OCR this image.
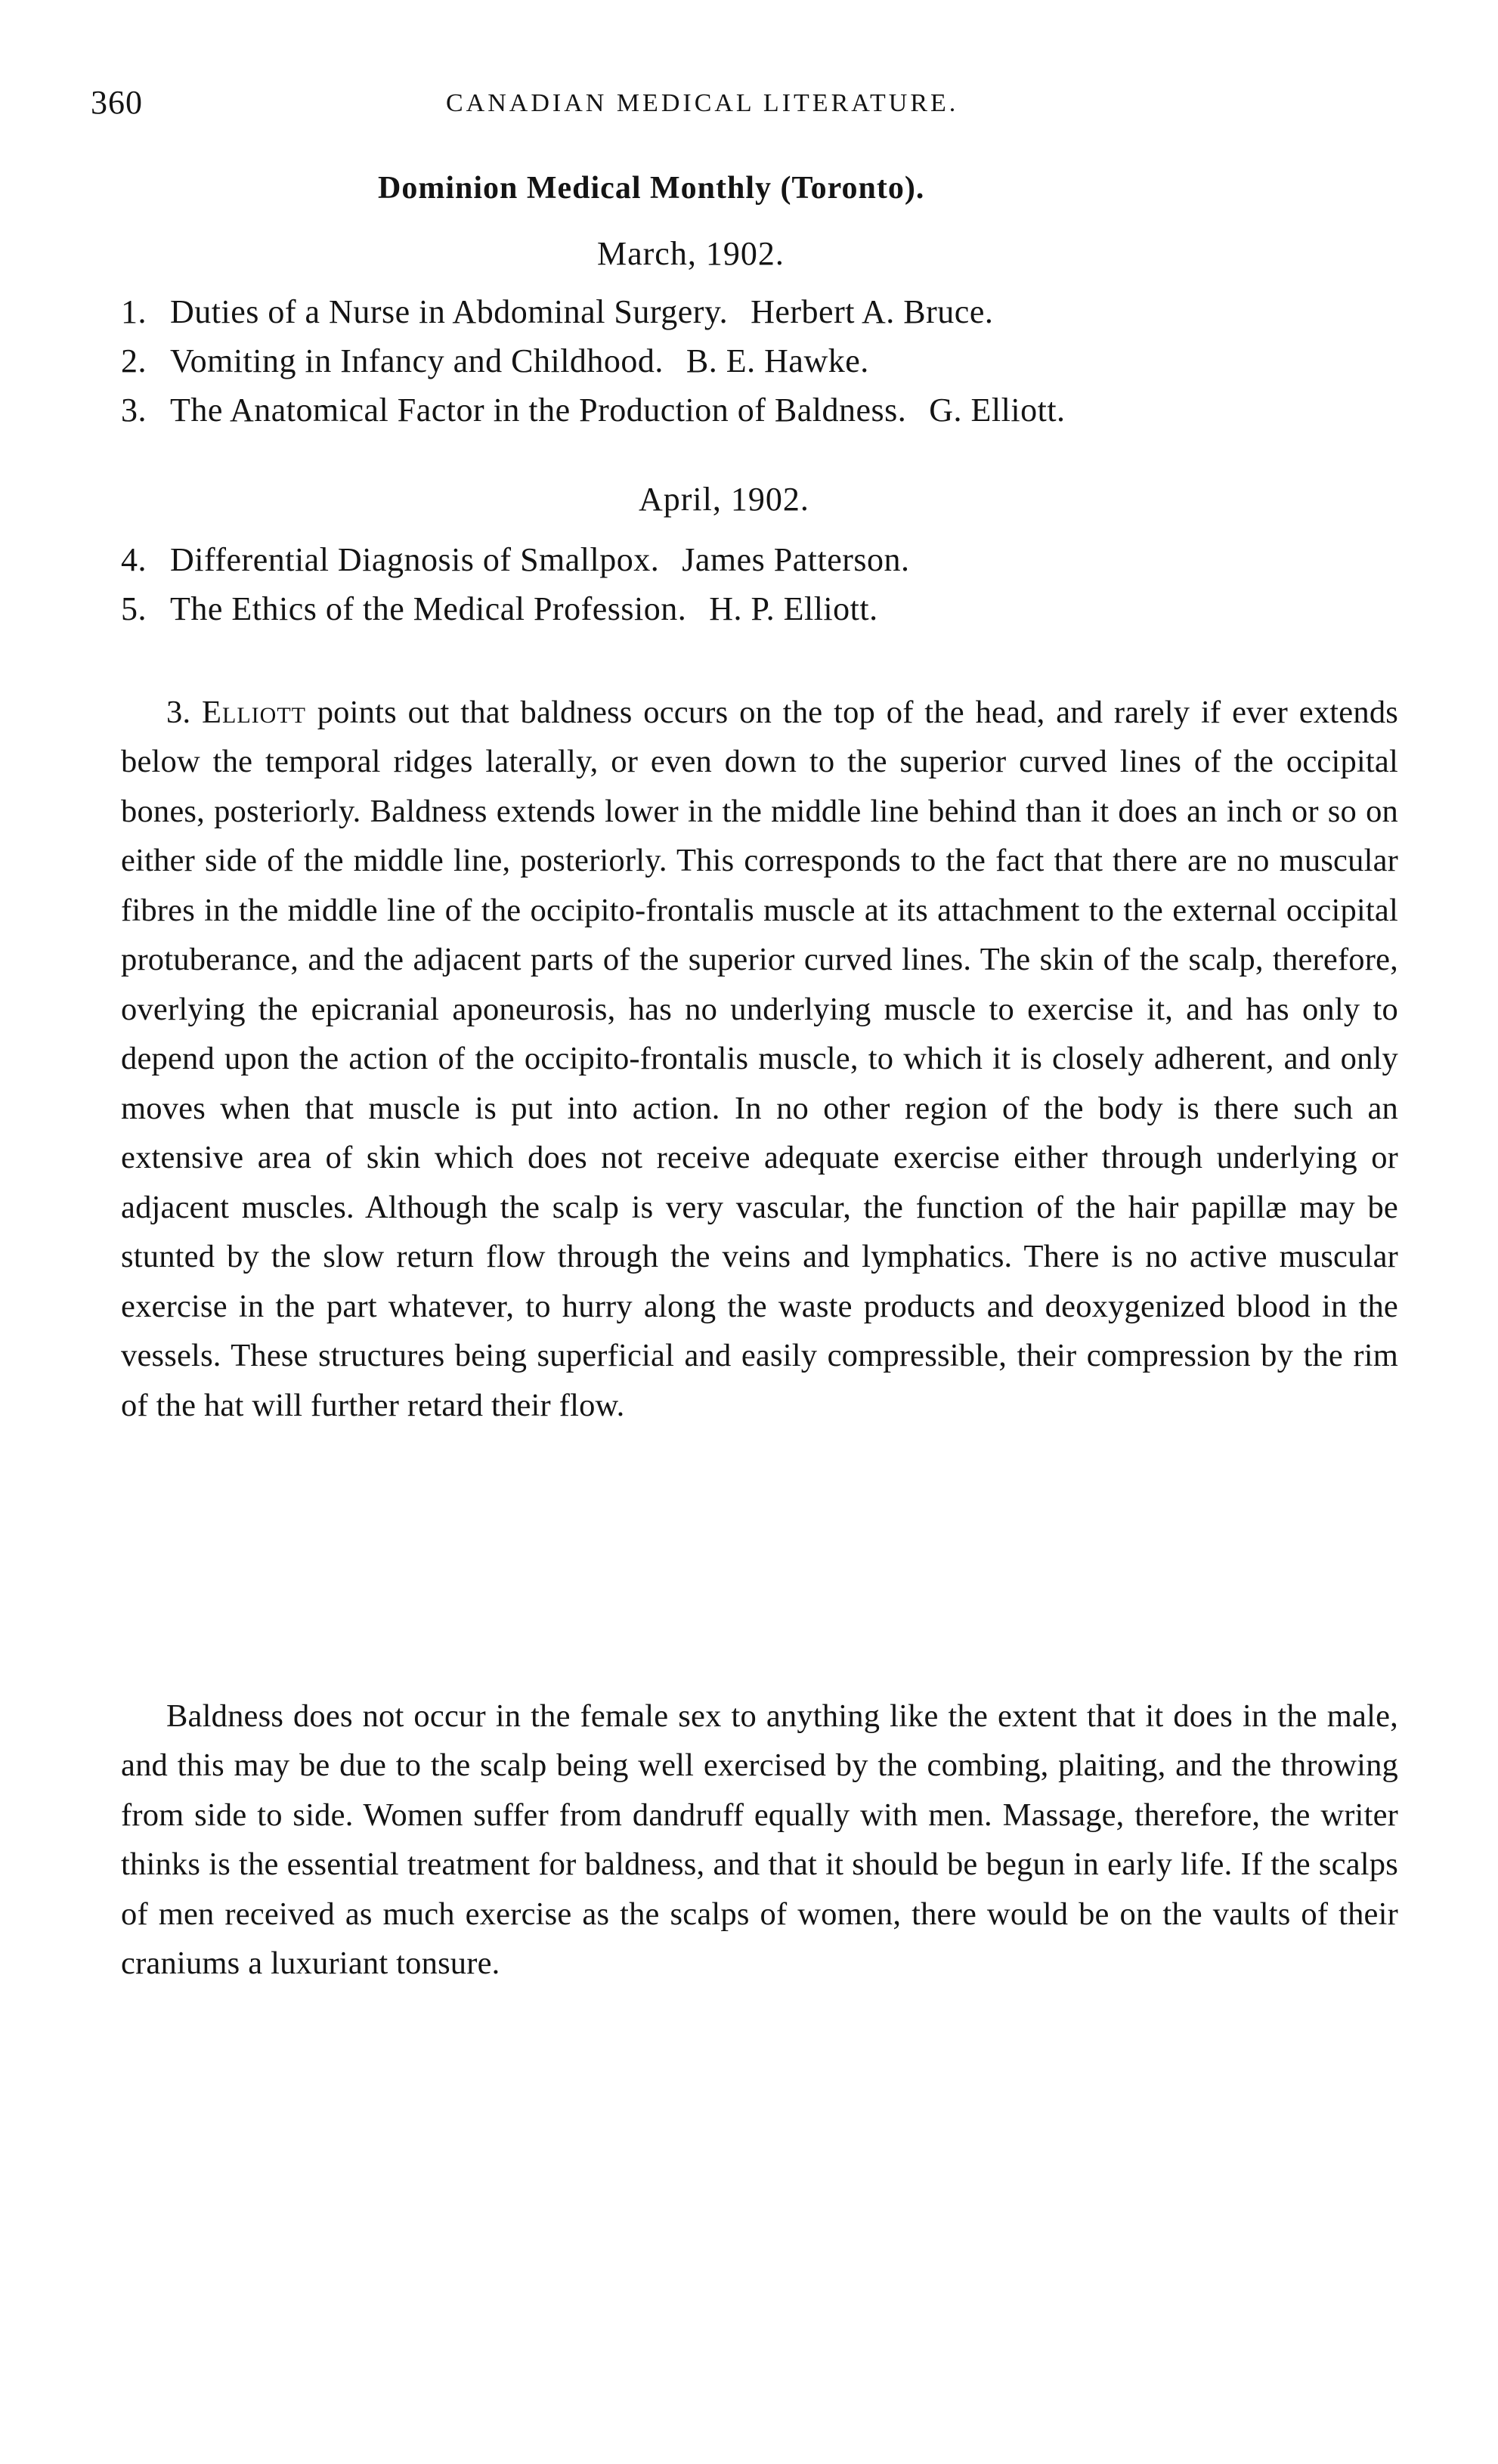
360	CANADIAN MEDICAL LITERATURE.
Dominion Medical Monthly (Toronto).
March, 1902.
1. Duties of a Nurse in Abdominal Surgery. Herbert A. Bruce.
2. Vomiting in Infancy and Childhood. B. E. Hawke.
3. The Anatomical Factor in the Production of Baldness. G. Elliott.
April, 1902.
4. Differential Diagnosis of Smallpox. James Patterson.
5. The Ethics of the Medical Profession. H. P. Elliott.

3. Elliott points out that baldness occurs on the top of the head, and rarely if ever extends below the temporal ridges laterally, or even down to the superior curved lines of the occipital bones, posteriorly. Baldness extends lower in the middle line behind than it does an inch or so on either side of the middle line, posteriorly. This corresponds to the fact that there are no muscular fibres in the middle line of the occipito-frontalis muscle at its attachment to the external occipital protuberance, and the adjacent parts of the superior curved lines. The skin of the scalp, therefore, overlying the epicranial aponeurosis, has no underlying muscle to exercise it, and has only to depend upon the action of the occipito-frontalis muscle, to which it is closely adherent, and only moves when that muscle is put into action. In no other region of the body is there such an extensive area of skin which does not receive adequate exercise either through underlying or adjacent muscles. Although the scalp is very vascular, the function of the hair papillæ may be stunted by the slow return flow through the veins and lymphatics. There is no active muscular exercise in the part whatever, to hurry along the waste products and deoxygenized blood in the vessels. These structures being superficial and easily compressible, their compression by the rim of the hat will further retard their flow.

Baldness does not occur in the female sex to anything like the extent that it does in the male, and this may be due to the scalp being well exercised by the combing, plaiting, and the throwing from side to side. Women suffer from dandruff equally with men. Massage, therefore, the writer thinks is the essential treatment for baldness, and that it should be begun in early life. If the scalps of men received as much exercise as the scalps of women, there would be on the vaults of their craniums a luxuriant tonsure.
